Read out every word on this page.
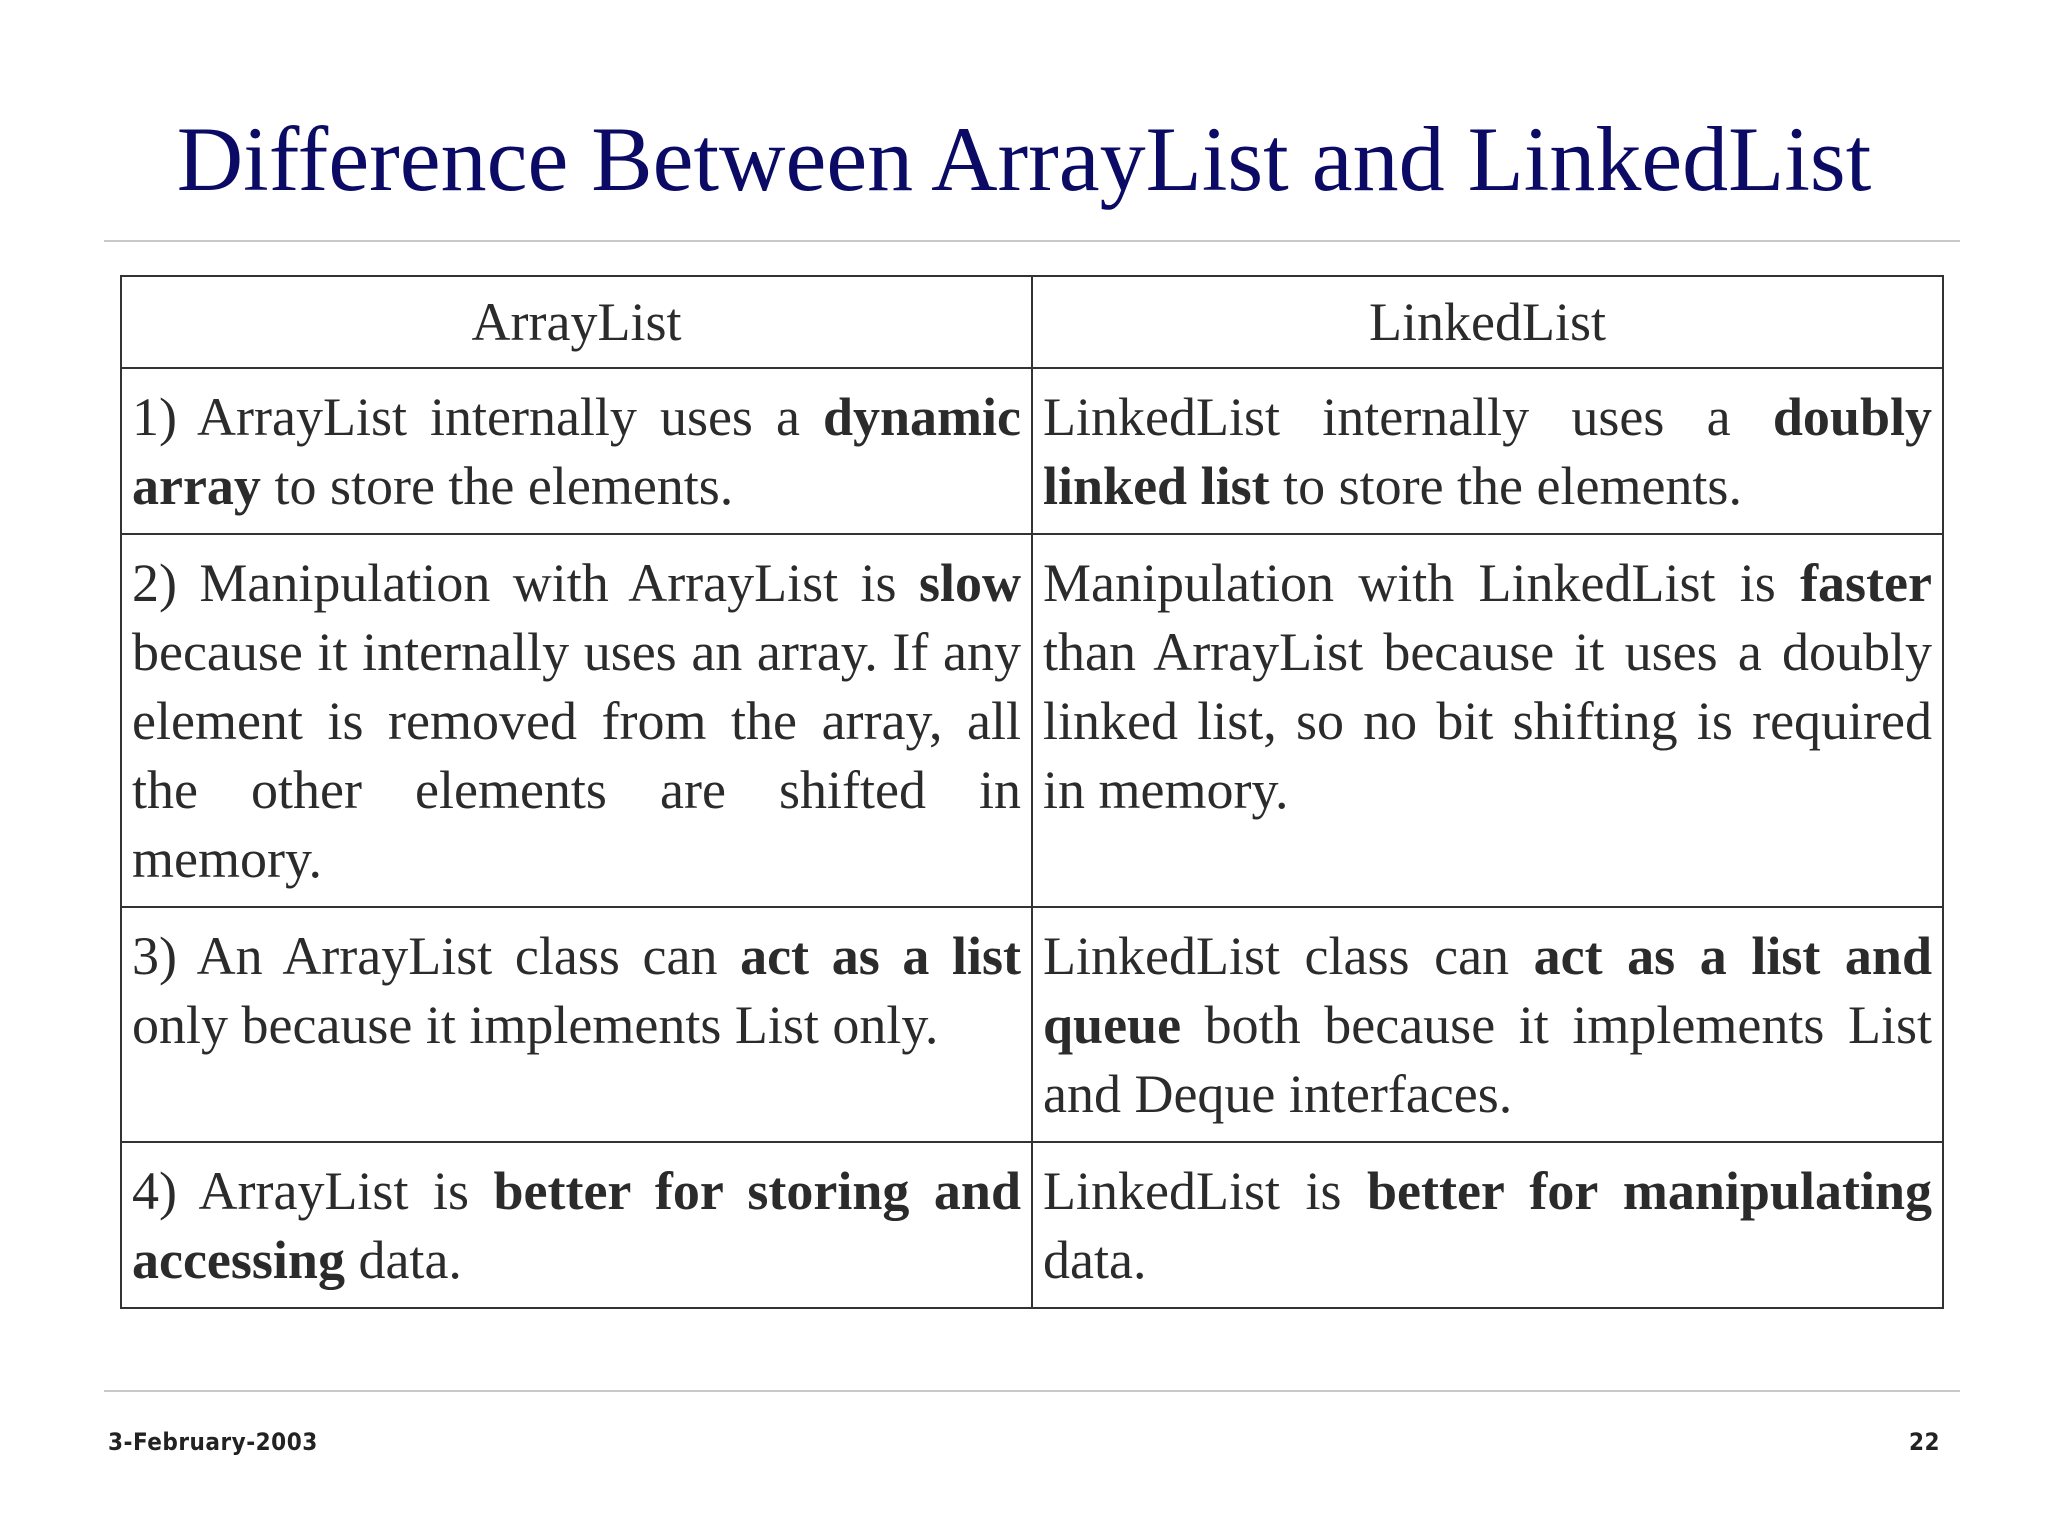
Difference Between ArrayList and LinkedList
ArrayList	LinkedList
1) ArrayList internally uses a dynamic array to store the elements.	LinkedList internally uses a doubly linked list to store the elements.
2) Manipulation with ArrayList is slow because it internally uses an array. If any element is removed from the array, all the other elements are shifted in memory.	Manipulation with LinkedList is faster than ArrayList because it uses a doubly linked list, so no bit shifting is required in memory.
3) An ArrayList class can act as a list only because it implements List only.	LinkedList class can act as a list and queue both because it implements List and Deque interfaces.
4) ArrayList is better for storing and accessing data.	LinkedList is better for manipulating data.
3-February-2003	22
